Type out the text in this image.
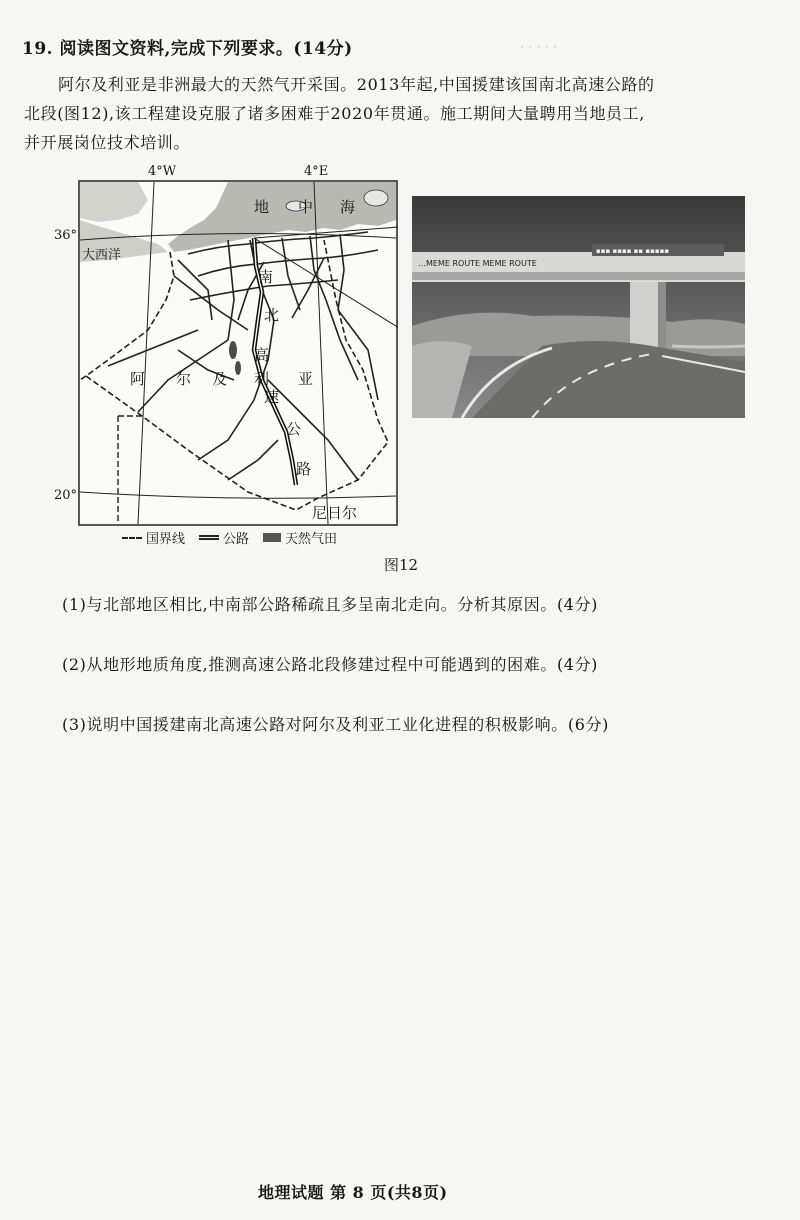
· · · · ·
19. 阅读图文资料,完成下列要求。(14分)
阿尔及利亚是非洲最大的天然气开采国。2013年起,中国援建该国南北高速公路的
北段(图12),该工程建设克服了诸多困难于2020年贯通。施工期间大量聘用当地员工,
并开展岗位技术培训。
4°W	4°E
36°
20°
地 中 海
大西洋
阿 尔 及 利 亚
南
北
高
速
公
路
尼日尔
▪▪▪ ▪▪▪▪ ▪▪ ▪▪▪▪▪
…MEME ROUTE MEME ROUTE
国界线	公路	天然气田
图12
(1)与北部地区相比,中南部公路稀疏且多呈南北走向。分析其原因。(4分)
(2)从地形地质角度,推测高速公路北段修建过程中可能遇到的困难。(4分)
(3)说明中国援建南北高速公路对阿尔及利亚工业化进程的积极影响。(6分)
地理试题 第 8 页(共8页)
